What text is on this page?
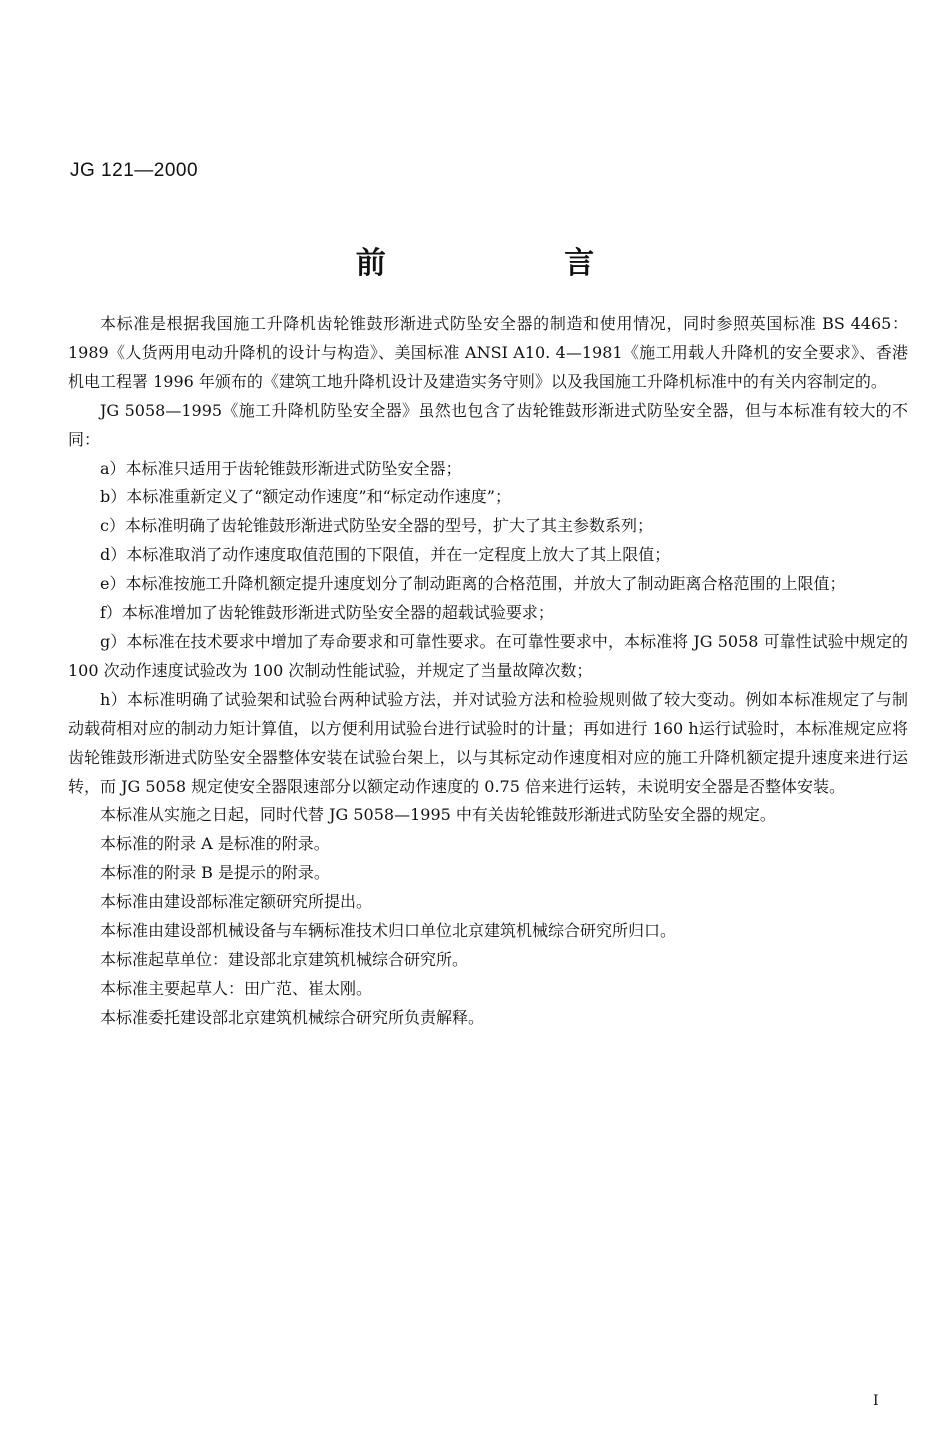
JG 121—2000
前 言

本标准是根据我国施工升降机齿轮锥鼓形渐进式防坠安全器的制造和使用情况，同时参照英国标准 BS 4465：1989《人货两用电动升降机的设计与构造》、美国标准 ANSI A10. 4—1981《施工用载人升降机的安全要求》、香港机电工程署 1996 年颁布的《建筑工地升降机设计及建造实务守则》以及我国施工升降机标准中的有关内容制定的。

JG 5058—1995《施工升降机防坠安全器》虽然也包含了齿轮锥鼓形渐进式防坠安全器，但与本标准有较大的不同：

a）本标准只适用于齿轮锥鼓形渐进式防坠安全器；

b）本标准重新定义了“额定动作速度”和“标定动作速度”；

c）本标准明确了齿轮锥鼓形渐进式防坠安全器的型号，扩大了其主参数系列；

d）本标准取消了动作速度取值范围的下限值，并在一定程度上放大了其上限值；

e）本标准按施工升降机额定提升速度划分了制动距离的合格范围，并放大了制动距离合格范围的上限值；

f）本标准增加了齿轮锥鼓形渐进式防坠安全器的超载试验要求；

g）本标准在技术要求中增加了寿命要求和可靠性要求。在可靠性要求中，本标准将 JG 5058 可靠性试验中规定的 100 次动作速度试验改为 100 次制动性能试验，并规定了当量故障次数；

h）本标准明确了试验架和试验台两种试验方法，并对试验方法和检验规则做了较大变动。例如本标准规定了与制动载荷相对应的制动力矩计算值，以方便利用试验台进行试验时的计量；再如进行 160 h运行试验时，本标准规定应将齿轮锥鼓形渐进式防坠安全器整体安装在试验台架上，以与其标定动作速度相对应的施工升降机额定提升速度来进行运转，而 JG 5058 规定使安全器限速部分以额定动作速度的 0.75 倍来进行运转，未说明安全器是否整体安装。

本标准从实施之日起，同时代替 JG 5058—1995 中有关齿轮锥鼓形渐进式防坠安全器的规定。

本标准的附录 A 是标准的附录。

本标准的附录 B 是提示的附录。

本标准由建设部标准定额研究所提出。

本标准由建设部机械设备与车辆标准技术归口单位北京建筑机械综合研究所归口。

本标准起草单位：建设部北京建筑机械综合研究所。

本标准主要起草人：田广范、崔太刚。

本标准委托建设部北京建筑机械综合研究所负责解释。

I
